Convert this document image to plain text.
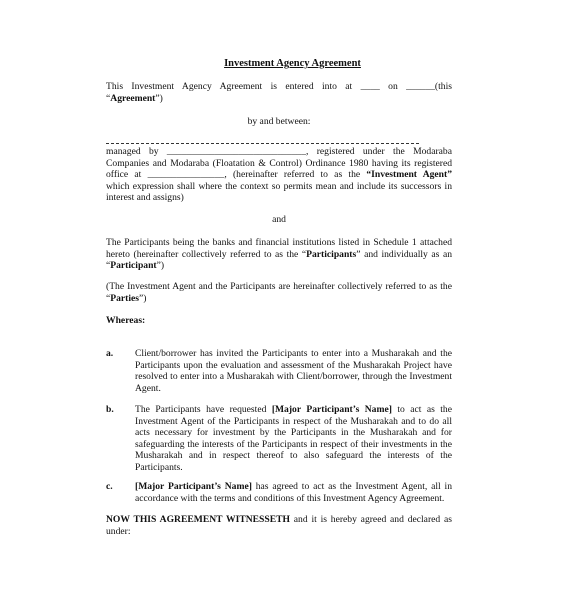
Investment Agency Agreement
This Investment Agency Agreement is entered into at ____ on ______(this
“Agreement”)
by and between:
managed by _____________________________, registered under the Modaraba
Companies and Modaraba (Floatation & Control) Ordinance 1980 having its registered
office at ________________, (hereinafter referred to as the “Investment Agent”
which expression shall where the context so permits mean and include its successors in
interest and assigns)
and
The Participants being the banks and financial institutions listed in Schedule 1 attached
hereto (hereinafter collectively referred to as the “Participants” and individually as an
“Participant”)
(The Investment Agent and the Participants are hereinafter collectively referred to as the
“Parties”)
Whereas:
a.	Client/borrower has invited the Participants to enter into a Musharakah and the Participants upon the evaluation and assessment of the Musharakah Project have resolved to enter into a Musharakah with Client/borrower, through the Investment Agent.
b.	The Participants have requested [Major Participant’s Name] to act as the Investment Agent of the Participants in respect of the Musharakah and to do all acts necessary for investment by the Participants in the Musharakah and for safeguarding the interests of the Participants in respect of their investments in the Musharakah and in respect thereof to also safeguard the interests of the Participants.
c.	[Major Participant’s Name] has agreed to act as the Investment Agent, all in accordance with the terms and conditions of this Investment Agency Agreement.
NOW THIS AGREEMENT WITNESSETH and it is hereby agreed and declared as under:
